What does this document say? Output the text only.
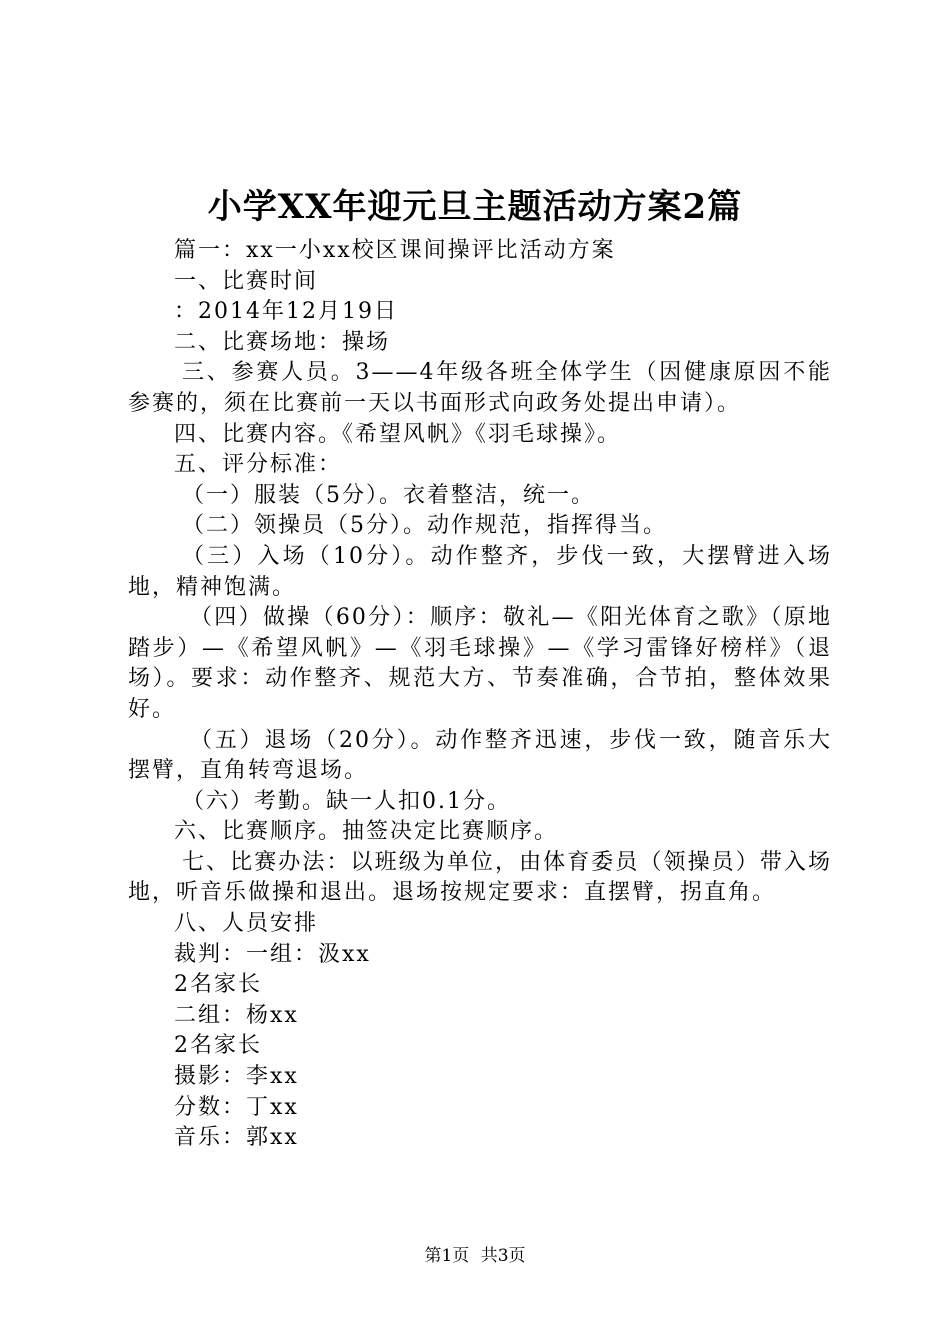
小学XX年迎元旦主题活动方案2篇

篇一：xx一小xx校区课间操评比活动方案

一、比赛时间

：2014年12月19日

二、比赛场地：操场

三、参赛人员。3——4年级各班全体学生（因健康原因不能参赛的，须在比赛前一天以书面形式向政务处提出申请）。

四、比赛内容。《希望风帆》《羽毛球操》。

五、评分标准：

（一）服装（5分）。衣着整洁，统一。

（二）领操员（5分）。动作规范，指挥得当。

（三）入场（10分）。动作整齐，步伐一致，大摆臂进入场地，精神饱满。

（四）做操（60分）：顺序：敬礼—《阳光体育之歌》（原地踏步）—《希望风帆》—《羽毛球操》—《学习雷锋好榜样》（退场）。要求：动作整齐、规范大方、节奏准确，合节拍，整体效果好。

（五）退场（20分）。动作整齐迅速，步伐一致，随音乐大摆臂，直角转弯退场。

（六）考勤。缺一人扣0.1分。

六、比赛顺序。抽签决定比赛顺序。

七、比赛办法：以班级为单位，由体育委员（领操员）带入场地，听音乐做操和退出。退场按规定要求：直摆臂，拐直角。

八、人员安排

裁判：一组：汲xx

2名家长

二组：杨xx

2名家长

摄影：李xx

分数：丁xx

音乐：郭xx

第1页 共3页
